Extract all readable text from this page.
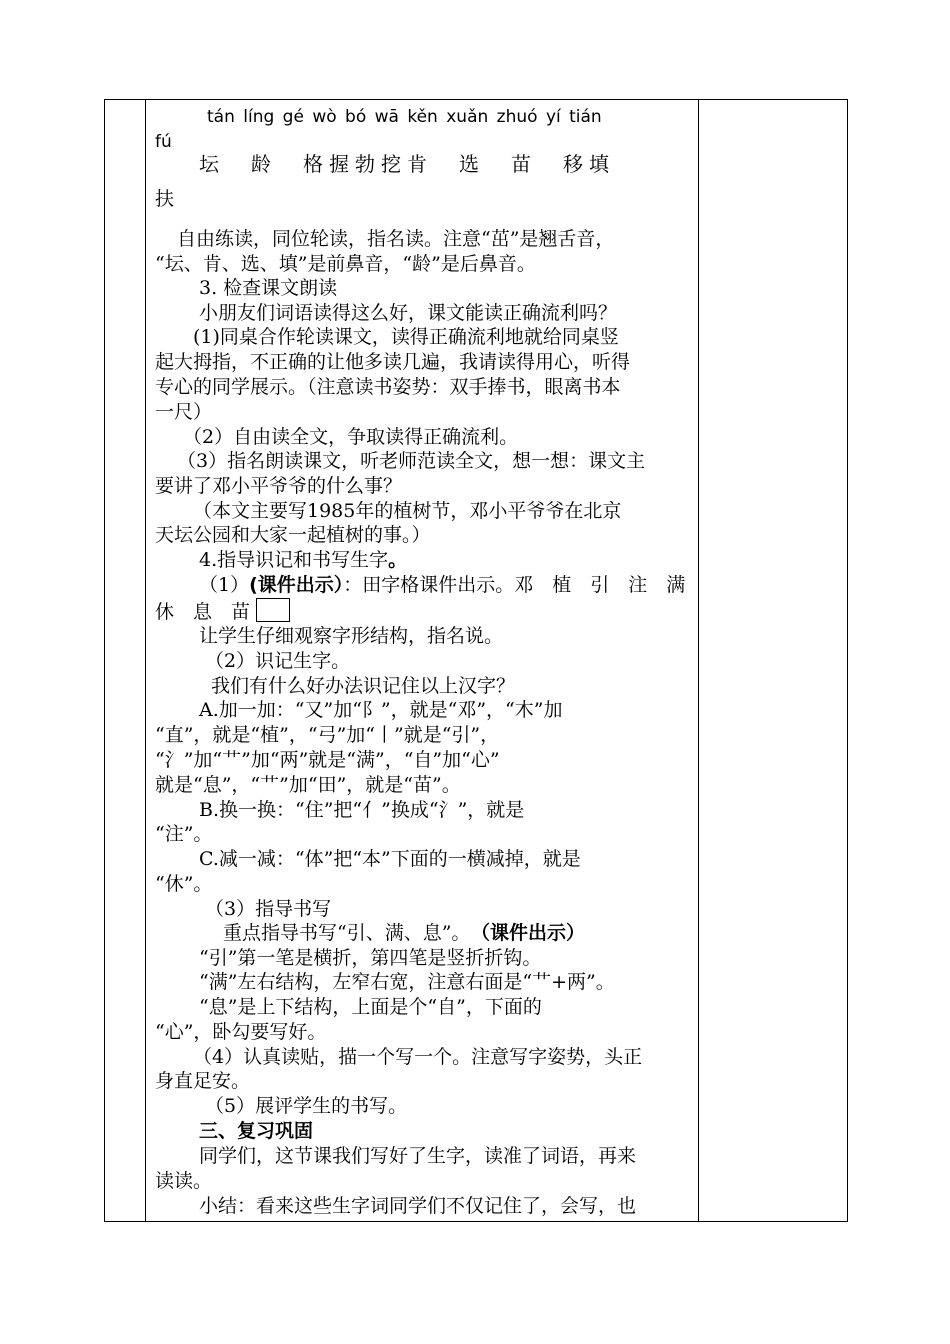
tán líng gé wò bó wā kěn xuǎn zhuó yí tián
fú
坛　龄　格握勃挖肯　选　苗　移填
扶
自由练读，同位轮读，指名读。注意“茁”是翘舌音，
“坛、肯、选、填”是前鼻音，“龄”是后鼻音。
3. 检查课文朗读
小朋友们词语读得这么好，课文能读正确流利吗？
(1)同桌合作轮读课文，读得正确流利地就给同桌竖
起大拇指，不正确的让他多读几遍，我请读得用心，听得
专心的同学展示。（注意读书姿势：双手捧书，眼离书本
一尺）
（2）自由读全文，争取读得正确流利。
（3）指名朗读课文，听老师范读全文，想一想：课文主
要讲了邓小平爷爷的什么事？
（本文主要写1985年的植树节，邓小平爷爷在北京
天坛公园和大家一起植树的事。）
4.指导识记和书写生字。
（1）(课件出示）：田字格课件出示。邓　植　引　注　满
休　息　苗
让学生仔细观察字形结构，指名说。
（2）识记生字。
我们有什么好办法识记住以上汉字？
A.加一加：“又”加“阝”，就是“邓”，“木”加
“直”，就是“植”，“弓”加“丨”就是“引”，
“氵”加“艹”加“两”就是“满”，“自”加“心”
就是“息”，“艹”加“田”，就是“苗”。
B.换一换：“住”把“亻”换成“氵”，就是
“注”。
C.减一减：“体”把“本”下面的一横减掉，就是
“休”。
（3）指导书写
重点指导书写“引、满、息”。 （课件出示）
“引”第一笔是横折，第四笔是竖折折钩。
“满”左右结构，左窄右宽，注意右面是“艹+两”。
“息”是上下结构，上面是个“自”，下面的
“心”，卧勾要写好。
（4）认真读贴，描一个写一个。注意写字姿势，头正
身直足安。
（5）展评学生的书写。
三、复习巩固
同学们，这节课我们写好了生字，读准了词语，再来
读读。
小结：看来这些生字词同学们不仅记住了，会写，也
